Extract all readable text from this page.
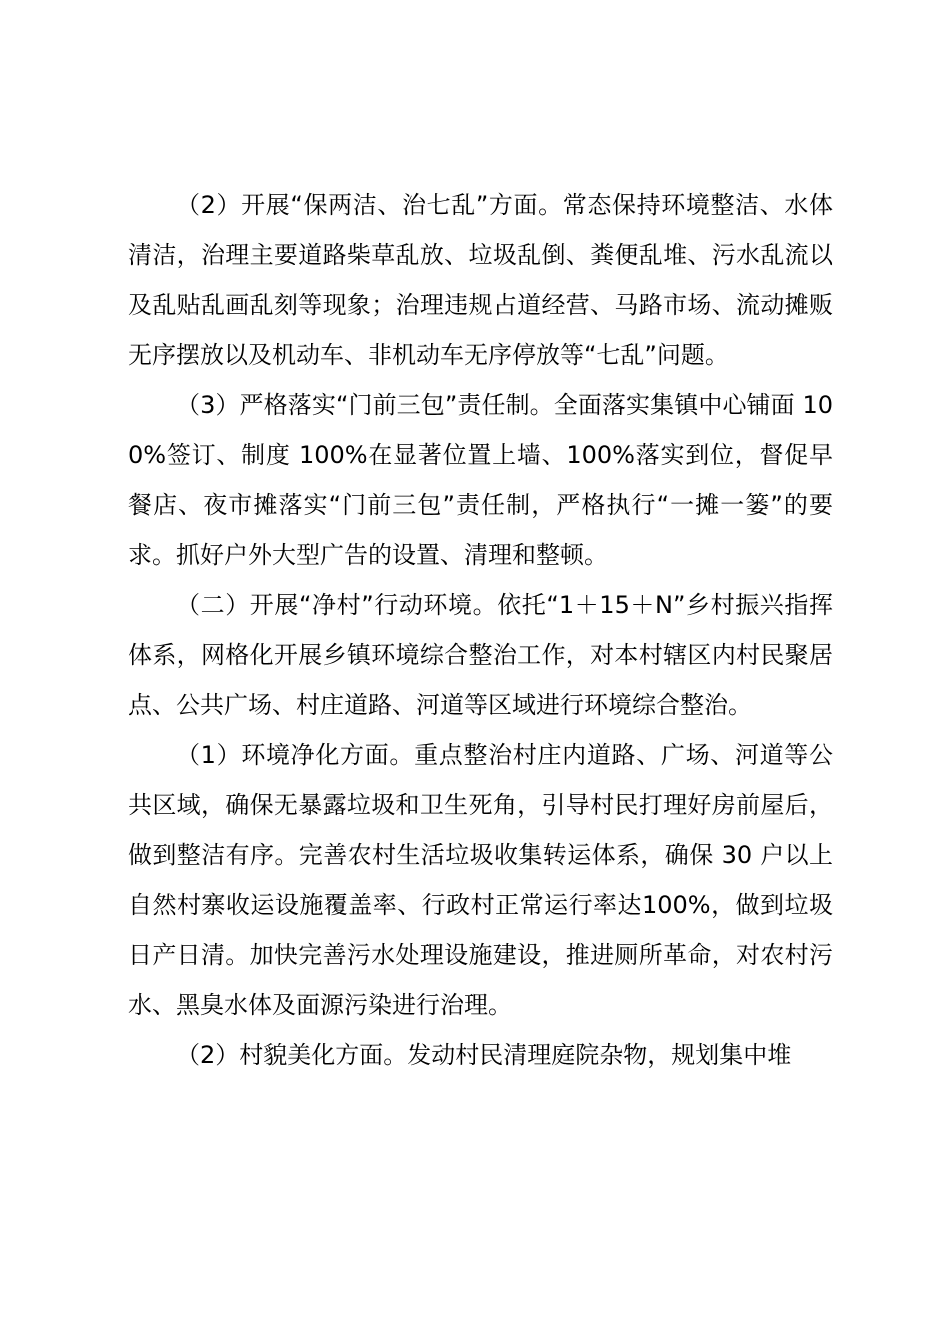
（2）开展“保两洁、治七乱”方面。常态保持环境整洁、水体清洁，治理主要道路柴草乱放、垃圾乱倒、粪便乱堆、污水乱流以及乱贴乱画乱刻等现象；治理违规占道经营、马路市场、流动摊贩无序摆放以及机动车、非机动车无序停放等“七乱”问题。

（3）严格落实“门前三包”责任制。全面落实集镇中心铺面 100%签订、制度 100%在显著位置上墙、100%落实到位，督促早餐店、夜市摊落实“门前三包”责任制，严格执行“一摊一篓”的要求。抓好户外大型广告的设置、清理和整顿。

（二）开展“净村”行动环境。依托“1＋15＋N”乡村振兴指挥体系，网格化开展乡镇环境综合整治工作，对本村辖区内村民聚居点、公共广场、村庄道路、河道等区域进行环境综合整治。

（1）环境净化方面。重点整治村庄内道路、广场、河道等公共区域，确保无暴露垃圾和卫生死角，引导村民打理好房前屋后，做到整洁有序。完善农村生活垃圾收集转运体系，确保 30 户以上自然村寨收运设施覆盖率、行政村正常运行率达100%，做到垃圾日产日清。加快完善污水处理设施建设，推进厕所革命，对农村污水、黑臭水体及面源污染进行治理。

（2）村貌美化方面。发动村民清理庭院杂物，规划集中堆
